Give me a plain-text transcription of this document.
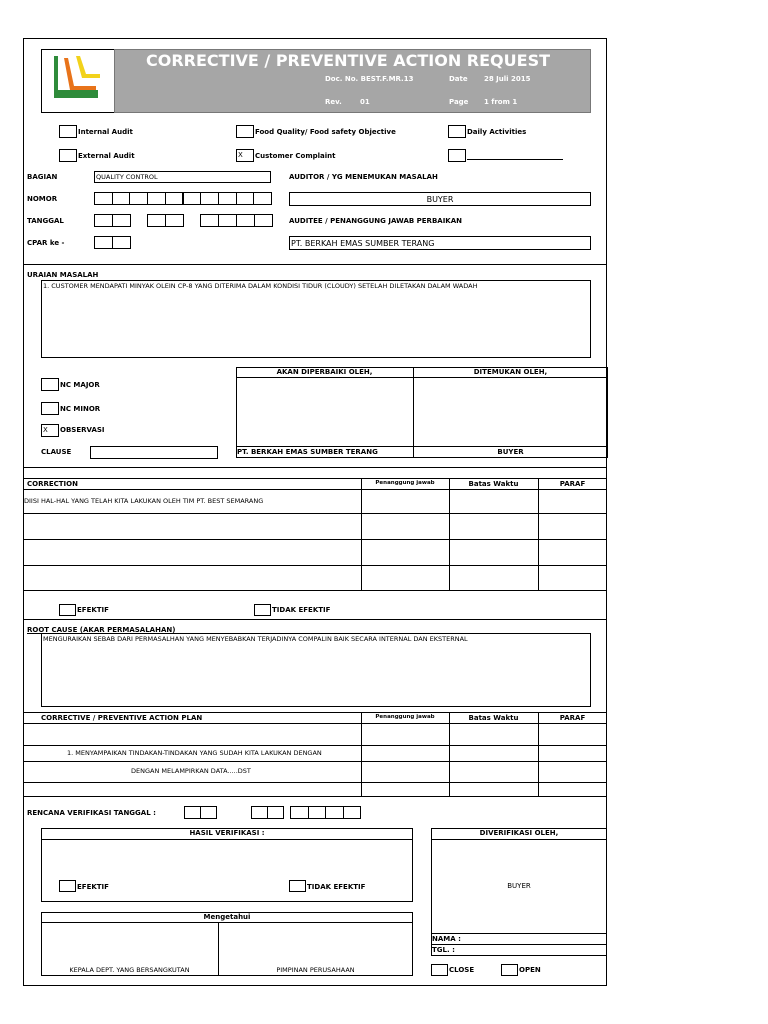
CORRECTIVE / PREVENTIVE ACTION REQUEST
Doc. No. BEST.F.MR.13	Date 28 Juli 2015
Rev.	01	Page 1 from 1
Internal Audit
External Audit
Food Quality/ Food safety Objective
X	Customer Complaint
Daily Activities
BAGIAN	QUALITY CONTROL
NOMOR
TANGGAL
CPAR ke -
AUDITOR / YG MENEMUKAN MASALAH
BUYER
AUDITEE / PENANGGUNG JAWAB PERBAIKAN
PT. BERKAH EMAS SUMBER TERANG
URAIAN MASALAH
1. CUSTOMER MENDAPATI MINYAK OLEIN CP-8 YANG DITERIMA DALAM KONDISI TIDUR (CLOUDY) SETELAH DILETAKAN DALAM WADAH
NC MAJOR
NC MINOR
X	OBSERVASI
CLAUSE
AKAN DIPERBAIKI OLEH,	DITEMUKAN OLEH,
PT. BERKAH EMAS SUMBER TERANG	BUYER
CORRECTION	Penanggung jawab	Batas Waktu	PARAF
DIISI HAL-HAL YANG TELAH KITA LAKUKAN OLEH TIM PT. BEST SEMARANG
EFEKTIF	TIDAK EFEKTIF
ROOT CAUSE (AKAR PERMASALAHAN)
MENGURAIKAN SEBAB DARI PERMASALHAN YANG MENYEBABKAN TERJADINYA COMPALIN BAIK SECARA INTERNAL DAN EKSTERNAL
CORRECTIVE / PREVENTIVE ACTION PLAN	Penanggung jawab	Batas Waktu	PARAF
1. MENYAMPAIKAN TINDAKAN-TINDAKAN YANG SUDAH KITA LAKUKAN DENGAN
DENGAN MELAMPIRKAN DATA.....DST
RENCANA VERIFIKASI TANGGAL :
HASIL VERIFIKASI :
EFEKTIF	TIDAK EFEKTIF
DIVERIFIKASI OLEH,
BUYER
NAMA :
TGL. :
Mengetahui
KEPALA DEPT. YANG BERSANGKUTAN	PIMPINAN PERUSAHAAN	CLOSE	OPEN
